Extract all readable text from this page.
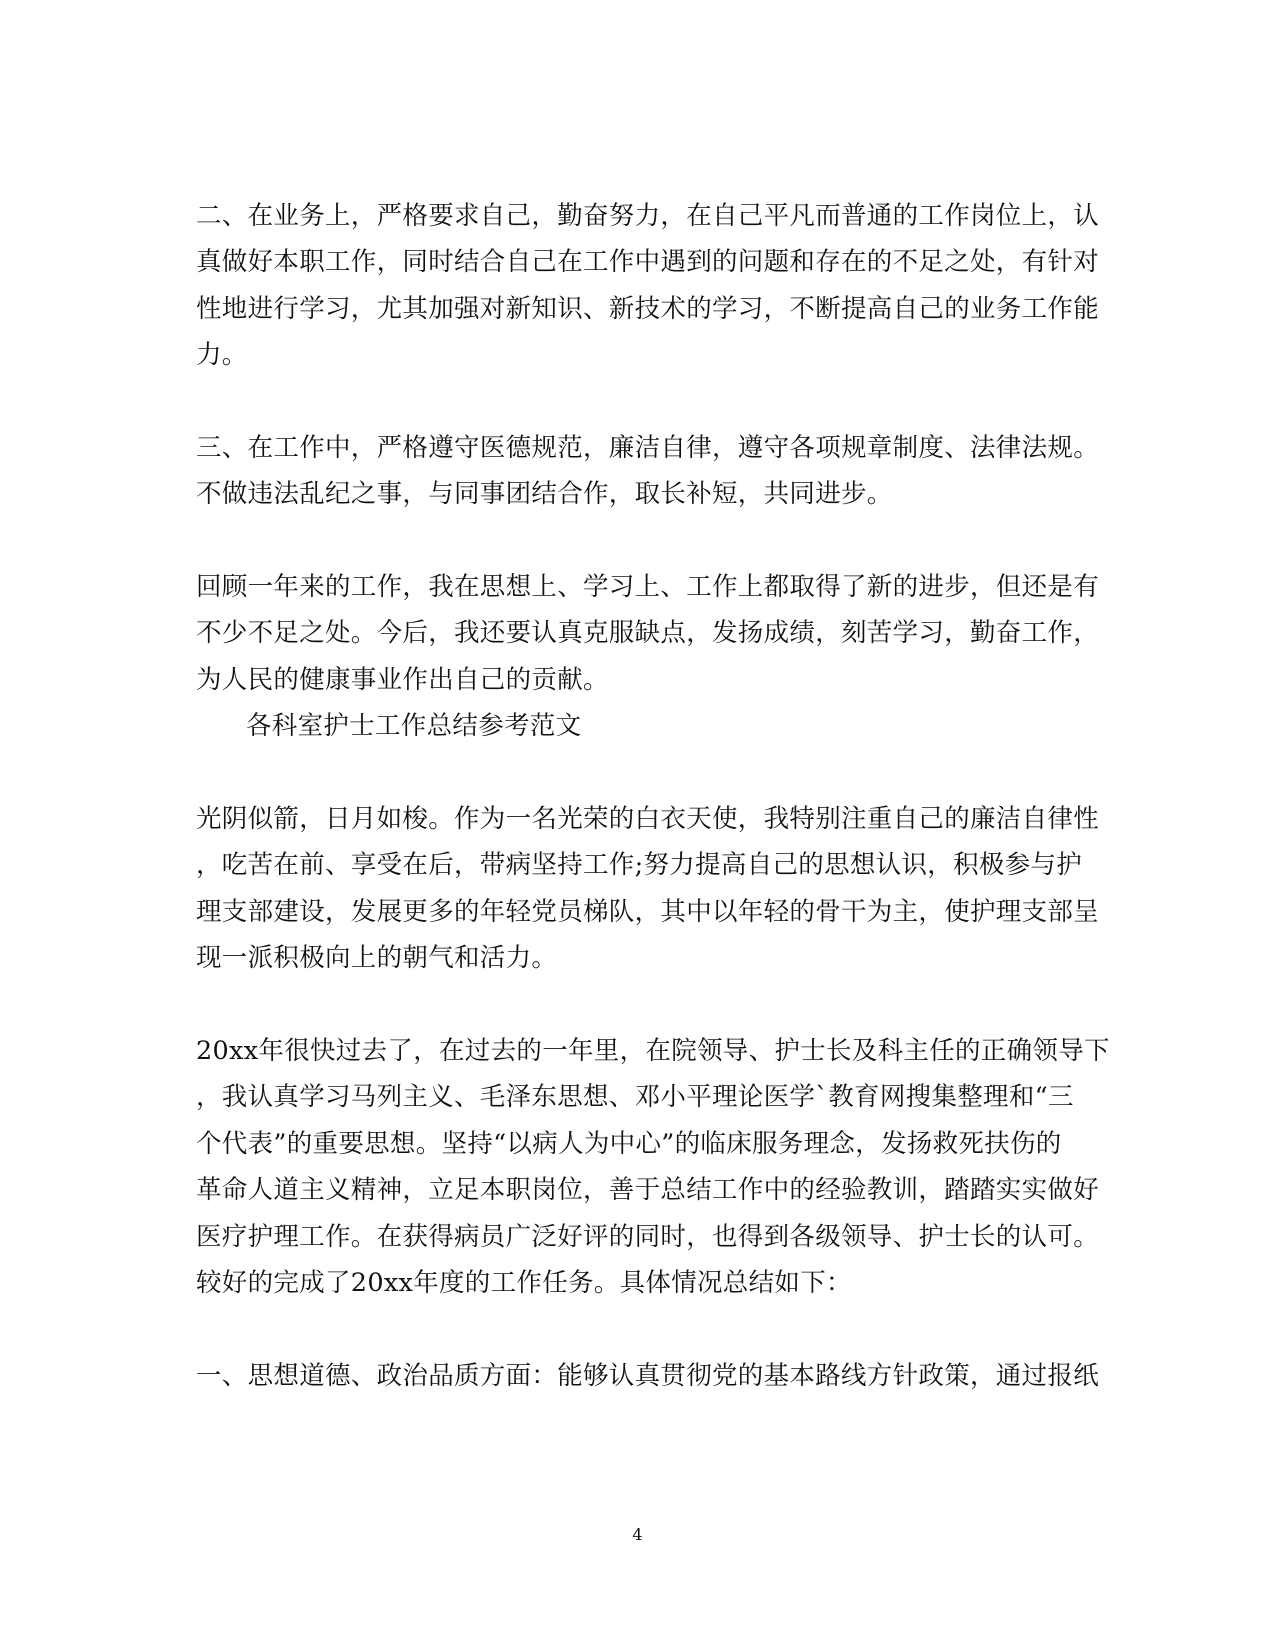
二、在业务上，严格要求自己，勤奋努力，在自己平凡而普通的工作岗位上，认
真做好本职工作，同时结合自己在工作中遇到的问题和存在的不足之处，有针对
性地进行学习，尤其加强对新知识、新技术的学习，不断提高自己的业务工作能
力。
三、在工作中，严格遵守医德规范，廉洁自律，遵守各项规章制度、法律法规。
不做违法乱纪之事，与同事团结合作，取长补短，共同进步。
回顾一年来的工作，我在思想上、学习上、工作上都取得了新的进步，但还是有
不少不足之处。今后，我还要认真克服缺点，发扬成绩，刻苦学习，勤奋工作，
为人民的健康事业作出自己的贡献。
各科室护士工作总结参考范文
光阴似箭，日月如梭。作为一名光荣的白衣天使，我特别注重自己的廉洁自律性
，吃苦在前、享受在后，带病坚持工作;努力提高自己的思想认识，积极参与护
理支部建设，发展更多的年轻党员梯队，其中以年轻的骨干为主，使护理支部呈
现一派积极向上的朝气和活力。
20xx年很快过去了，在过去的一年里，在院领导、护士长及科主任的正确领导下
，我认真学习马列主义、毛泽东思想、邓小平理论医学`教育网搜集整理和“三
个代表”的重要思想。坚持“以病人为中心”的临床服务理念，发扬救死扶伤的
革命人道主义精神，立足本职岗位，善于总结工作中的经验教训，踏踏实实做好
医疗护理工作。在获得病员广泛好评的同时，也得到各级领导、护士长的认可。
较好的完成了20xx年度的工作任务。具体情况总结如下：
一、思想道德、政治品质方面：能够认真贯彻党的基本路线方针政策，通过报纸
4
